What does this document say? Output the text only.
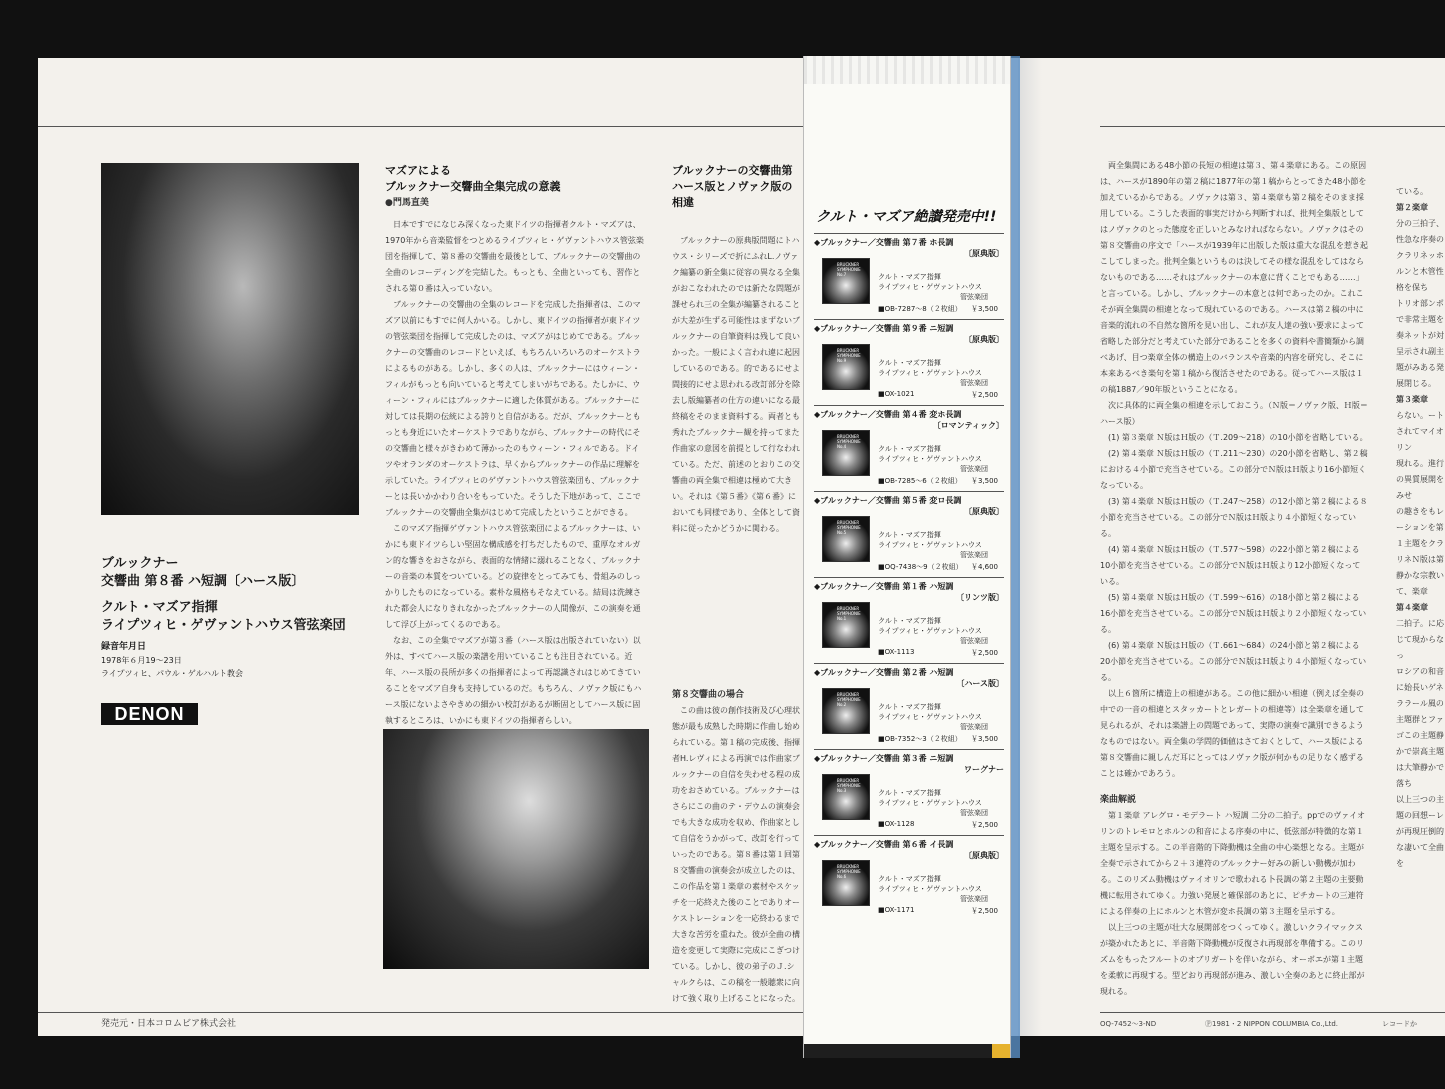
ブルックナー
交響曲 第８番 ハ短調〔ハース版〕
クルト・マズア指揮
ライプツィヒ・ゲヴァントハウス管弦楽団
録音年月日
1978年６月19〜23日
ライプツィヒ、パウル・ゲルハルト教会
DENON
発売元・日本コロムビア株式会社
マズアによる
ブルックナー交響曲全集完成の意義
●門馬直美

日本ですでになじみ深くなった東ドイツの指揮者クルト・マズアは、1970年から音楽監督をつとめるライプツィヒ・ゲヴァントハウス管弦楽団を指揮して、第８番の交響曲を最後として、ブルックナーの交響曲の全曲のレコーディングを完結した。もっとも、全曲といっても、習作とされる第０番は入っていない。

ブルックナーの交響曲の全集のレコードを完成した指揮者は、このマズア以前にもすでに何人かいる。しかし、東ドイツの指揮者が東ドイツの管弦楽団を指揮して完成したのは、マズアがはじめてである。ブルックナーの交響曲のレコードといえば、もちろんいろいろのオーケストラによるものがある。しかし、多くの人は、ブルックナーにはウィーン・フィルがもっとも向いていると考えてしまいがちである。たしかに、ウィーン・フィルにはブルックナーに適した体質がある。ブルックナーに対しては長期の伝統による誇りと自信がある。だが、ブルックナーともっとも身近にいたオーケストラでありながら、ブルックナーの時代にその交響曲と様々がきわめて薄かったのもウィーン・フィルである。ドイツやオランダのオーケストラは、早くからブルックナーの作品に理解を示していた。ライプツィヒのゲヴァントハウス管弦楽団も、ブルックナーとは長いかかわり合いをもっていた。そうした下地があって、ここでブルックナーの交響曲全集がはじめて完成したということができる。

このマズア指揮ゲヴァントハウス管弦楽団によるブルックナーは、いかにも東ドイツらしい堅固な構成感を打ちだしたもので、重厚なオルガン的な響きをおさながら、表面的な情緒に溺れることなく、ブルックナーの音楽の本質をついている。どの旋律をとってみても、骨組みのしっかりしたものになっている。素朴な風格もそなえている。結局は洗練された都会人になりきれなかったブルックナーの人間像が、この演奏を通して浮び上がってくるのである。

なお、この全集でマズアが第３番（ハース版は出版されていない）以外は、すべてハース版の楽譜を用いていることも注目されている。近年、ハース版の長所が多くの指揮者によって再認識されはじめてきていることをマズア自身も支持しているのだ。もちろん、ノヴァク版にもハース版にないよさやきめの細かい校訂があるが断固としてハース版に固執するところは、いかにも東ドイツの指揮者らしい。

ブルックナーの交響曲第
ハース版とノヴァク版の相違

ブルックナーの原典版問題にトハウス・シリーズで折にふれL.ノヴァク編纂の新全集に従容の異なる全集がおこなわれたのでは新たな問題が課せられ三の全集が編纂されることが大差が生ずる可能性はまずないブルックナーの自筆資料は残して良いかった。一般によく言われ違に起因しているのである。的であるにせよ間接的にせよ思われる改訂部分を除去し版編纂者の仕方の違いになる最終稿をそのまま資料する。両者とも秀れたブルックナー観を持ってまた作曲家の意図を前提として行なわれている。ただ、前述のとおりこの交響曲の両全集で相違は極めて大きい。それは《第５番》《第６番》においても同様であり、全体として資料に従ったかどうかに関わる。

第８交響曲の場合

この曲は彼の創作技術及び心理状態が最も成熟した時期に作曲し始められている。第１稿の完成後、指揮者H.レヴィによる再演では作曲家ブルックナーの自信を失わせる程の成功をおさめている。ブルックナーはさらにこの曲のテ・デウムの演奏会でも大きな成功を収め、作曲家として自信をうかがって、改訂を行っていったのである。第８番は第１回第８交響曲の演奏会が成立したのは、この作品を第１楽章の素材やスケッチを一応終えた後のことでありオーケストレーションを一応終わるまで大きな苦労を重ねた。彼が全曲の構造を変更して実際に完成にこぎつけている。しかし、彼の弟子のＪ.シャルクらは、この稿を一般聴衆に向けて強く取り上げることになった。

両全集間にある48小節の長短の相違は第３、第４楽章にある。この原因は、ハースが1890年の第２稿に1877年の第１稿からとってきた48小節を加えているからである。ノヴァクは第３、第４楽章も第２稿をそのまま採用している。こうした表面的事実だけから判断すれば、批判全集版としてはノヴァクのとった態度を正しいとみなければならない。ノヴァクはその第８交響曲の序文で「ハースが1939年に出版した版は重大な混乱を惹き起こしてしまった。批判全集というものは決してその様な混乱をしてはならないものである……それはブルックナーの本意に背くことでもある……」と言っている。しかし、ブルックナーの本意とは何であったのか。これこそが両全集間の相違となって現れているのである。ハースは第２稿の中に音楽的流れの不自然な箇所を見い出し、これが友人達の強い要求によって省略した部分だと考えていた部分であることを多くの資料や書簡類から調べあげ、目つ楽章全体の構造上のバランスや音楽的内容を研究し、そこに本来あるべき楽句を第１稿から復活させたのである。従ってハース版は１の稿1887／90年版ということになる。

次に具体的に両全集の相違を示しておこう。（Ｎ版＝ノヴァク版、Ｈ版＝ハース版）

(1) 第３楽章 Ｎ版はＨ版の（Ｔ.209〜218）の10小節を省略している。

(2) 第４楽章 Ｎ版はＨ版の（Ｔ.211〜230）の20小節を省略し、第２稿における４小節で充当させている。この部分でＮ版はＨ版より16小節短くなっている。

(3) 第４楽章 Ｎ版はＨ版の（Ｔ.247〜258）の12小節と第２稿による８小節を充当させている。この部分でＮ版はＨ版より４小節短くなっている。

(4) 第４楽章 Ｎ版はＨ版の（Ｔ.577〜598）の22小節と第２稿による10小節を充当させている。この部分でＮ版はＨ版より12小節短くなっている。

(5) 第４楽章 Ｎ版はＨ版の（Ｔ.599〜616）の18小節と第２稿による16小節を充当させている。この部分でＮ版はＨ版より２小節短くなっている。

(6) 第４楽章 Ｎ版はＨ版の（Ｔ.661〜684）の24小節と第２稿による20小節を充当させている。この部分でＮ版はＨ版より４小節短くなっている。

以上６箇所に構造上の相違がある。この他に細かい相違（例えば全奏の中での一音の相違とスタッカートとレガートの相違等）は全楽章を通して見られるが、それは楽譜上の問題であって、実際の演奏で識別できるようなものではない。両全集の学問的価値はさておくとして、ハース版による第８交響曲に親しんだ耳にとってはノヴァク版が何かもの足りなく感ずることは確かであろう。

楽曲解説

第１楽章 アレグロ・モデラート ハ短調 二分の二拍子。ppでのヴァイオリンのトレモロとホルンの和音による序奏の中に、低弦部が特徴的な第１主題を呈示する。この半音階的下降動機は全曲の中心楽想となる。主題が全奏で示されてから２＋３連符のブルックナー好みの新しい動機が加わる。このリズム動機はヴァイオリンで歌われる卜長調の第２主題の主要動機に転用されてゆく。力強い発展と確保部のあとに、ピチカートの三連符による伴奏の上にホルンと木管が変ホ長調の第３主題を呈示する。

以上三つの主題が壮大な展開部をつくってゆく。激しいクライマックスが築かれたあとに、半音階下降動機が反復され再現部を準備する。このリズムをもったフルートのオブリガートを伴いながら、オーボエが第１主題を柔軟に再現する。型どおり再現部が進み、激しい全奏のあとに終止部が現れる。

ている。
第２楽章
分の三拍子、性急な序奏のクラリネッホルンと木管性格を保ち
トリオ部ンポで非常主題を奏ネットが対呈示され副主題がみある発展閉じる。
第３楽章
らない。ートされてマイオリン
現れる。進行の異質展開をみせ
の趣きをもレーションを第１主題をクラリネＮ版は第静かな宗教いて、楽章
第４楽章
二拍子。に応じて現からなっ
ロシアの和音に始長いゲネララール風の
主題群とファゴこの主題静かで崇高主題は大筆静かで落ち
以上三つの主題の回想ーレが再現圧倒的な凄いて全曲を
OQ-7452〜3-ND	Ⓟ1981・2 NIPPON COLUMBIA Co.,Ltd.	レコードか
クルト・マズア絶讃発売中!!
◆ブルックナー／交響曲 第７番 ホ長調
〔原典版〕
BRUCKNER SYMPHONIE No.7	クルト・マズア指揮
ライプツィヒ・ゲヴァントハウス
管弦楽団
■OB-7287〜8（２枚組） ￥3,500
◆ブルックナー／交響曲 第９番 ニ短調
〔原典版〕
BRUCKNER SYMPHONIE No.9	クルト・マズア指揮
ライプツィヒ・ゲヴァントハウス
管弦楽団
■OX-1021	￥2,500
◆ブルックナー／交響曲 第４番 変ホ長調
〔ロマンティック〕
BRUCKNER SYMPHONIE No.4	クルト・マズア指揮
ライプツィヒ・ゲヴァントハウス
管弦楽団
■OB-7285〜6（２枚組） ￥3,500
◆ブルックナー／交響曲 第５番 変ロ長調
〔原典版〕
BRUCKNER SYMPHONIE No.5	クルト・マズア指揮
ライプツィヒ・ゲヴァントハウス
管弦楽団
■OQ-7438〜9（２枚組） ￥4,600
◆ブルックナー／交響曲 第１番 ハ短調
〔リンツ版〕
BRUCKNER SYMPHONIE No.1	クルト・マズア指揮
ライプツィヒ・ゲヴァントハウス
管弦楽団
■OX-1113	￥2,500
◆ブルックナー／交響曲 第２番 ハ短調
〔ハース版〕
BRUCKNER SYMPHONIE No.2	クルト・マズア指揮
ライプツィヒ・ゲヴァントハウス
管弦楽団
■OB-7352〜3（２枚組） ￥3,500
◆ブルックナー／交響曲 第３番 ニ短調
ワーグナー
BRUCKNER SYMPHONIE No.3	クルト・マズア指揮
ライプツィヒ・ゲヴァントハウス
管弦楽団
■OX-1128	￥2,500
◆ブルックナー／交響曲 第６番 イ長調
〔原典版〕
BRUCKNER SYMPHONIE No.6	クルト・マズア指揮
ライプツィヒ・ゲヴァントハウス
管弦楽団
■OX-1171	￥2,500
